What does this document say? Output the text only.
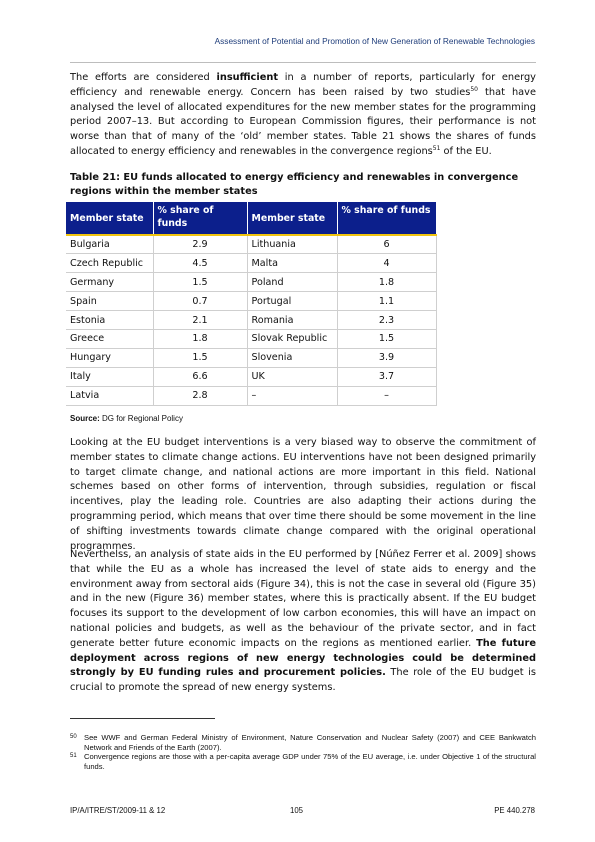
Assessment of Potential and Promotion of New Generation of Renewable Technologies

The efforts are considered insufficient in a number of reports, particularly for energy efficiency and renewable energy. Concern has been raised by two studies$^{50}$ that have analysed the level of allocated expenditures for the new member states for the programming period 2007–13. But according to European Commission figures, their performance is not worse than that of many of the ‘old’ member states. Table 21 shows the shares of funds allocated to energy efficiency and renewables in the convergence regions$^{51}$ of the EU.

Table 21: EU funds allocated to energy efficiency and renewables in convergence regions within the member states

Member state	% share of funds	Member state	% share of funds
Bulgaria	2.9	Lithuania	6
Czech Republic	4.5	Malta	4
Germany	1.5	Poland	1.8
Spain	0.7	Portugal	1.1
Estonia	2.1	Romania	2.3
Greece	1.8	Slovak Republic	1.5
Hungary	1.5	Slovenia	3.9
Italy	6.6	UK	3.7
Latvia	2.8	–	–
Source: DG for Regional Policy

Looking at the EU budget interventions is a very biased way to observe the commitment of member states to climate change actions. EU interventions have not been designed primarily to target climate change, and national actions are more important in this field. National schemes based on other forms of intervention, through subsidies, regulation or fiscal incentives, play the leading role. Countries are also adapting their actions during the programming period, which means that over time there should be some movement in the line of shifting investments towards climate change compared with the original operational programmes.

Neverthelss, an analysis of state aids in the EU performed by [Núñez Ferrer et al. 2009] shows that while the EU as a whole has increased the level of state aids to energy and the environment away from sectoral aids (Figure 34), this is not the case in several old (Figure 35) and in the new (Figure 36) member states, where this is practically absent. If the EU budget focuses its support to the development of low carbon economies, this will have an impact on national policies and budgets, as well as the behaviour of the private sector, and in fact generate better future economic impacts on the regions as mentioned earlier. The future deployment across regions of new energy technologies could be determined strongly by EU funding rules and procurement policies. The role of the EU budget is crucial to promote the spread of new energy systems.

50 See WWF and German Federal Ministry of Environment, Nature Conservation and Nuclear Safety (2007) and CEE Bankwatch Network and Friends of the Earth (2007).
51 Convergence regions are those with a per-capita average GDP under 75% of the EU average, i.e. under Objective 1 of the structural funds.
IP/A/ITRE/ST/2009-11 & 12	105	PE 440.278
